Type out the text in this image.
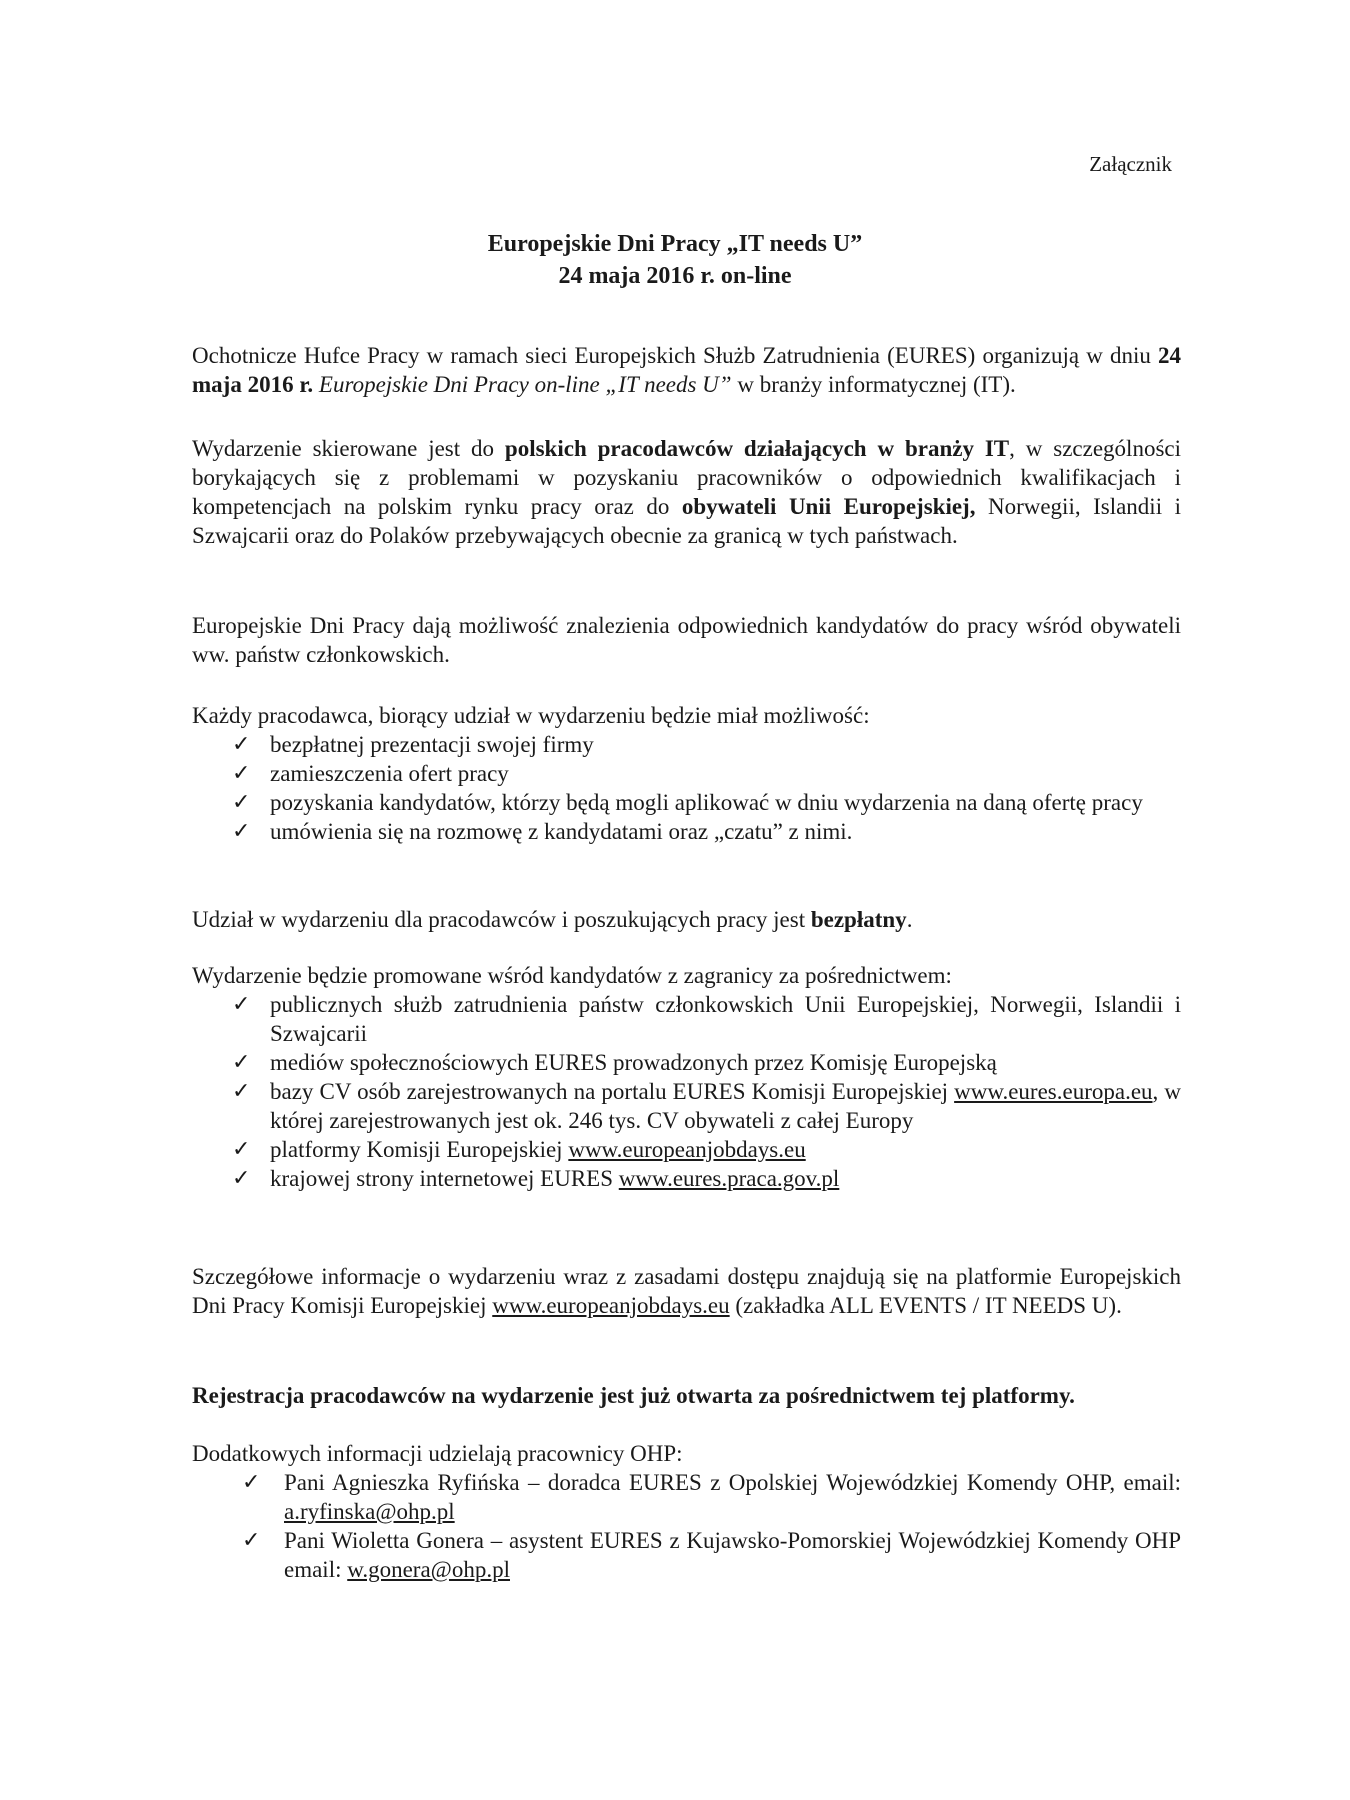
Załącznik
Europejskie Dni Pracy „IT needs U”
24 maja 2016 r. on-line

Ochotnicze Hufce Pracy w ramach sieci Europejskich Służb Zatrudnienia (EURES) organizują w dniu 24 maja 2016 r. Europejskie Dni Pracy on-line „IT needs U” w branży informatycznej (IT).

Wydarzenie skierowane jest do polskich pracodawców działających w branży IT, w szczególności borykających się z problemami w pozyskaniu pracowników o odpowiednich kwalifikacjach i kompetencjach na polskim rynku pracy oraz do obywateli Unii Europejskiej, Norwegii, Islandii i Szwajcarii oraz do Polaków przebywających obecnie za granicą w tych państwach.

Europejskie Dni Pracy dają możliwość znalezienia odpowiednich kandydatów do pracy wśród obywateli ww. państw członkowskich.

Każdy pracodawca, biorący udział w wydarzeniu będzie miał możliwość:

✓ bezpłatnej prezentacji swojej firmy
✓ zamieszczenia ofert pracy
✓ pozyskania kandydatów, którzy będą mogli aplikować w dniu wydarzenia na daną ofertę pracy
✓ umówienia się na rozmowę z kandydatami oraz „czatu” z nimi.

Udział w wydarzeniu dla pracodawców i poszukujących pracy jest bezpłatny.

Wydarzenie będzie promowane wśród kandydatów z zagranicy za pośrednictwem:

✓ publicznych służb zatrudnienia państw członkowskich Unii Europejskiej, Norwegii, Islandii i Szwajcarii
✓ mediów społecznościowych EURES prowadzonych przez Komisję Europejską
✓ bazy CV osób zarejestrowanych na portalu EURES Komisji Europejskiej www.eures.europa.eu, w której zarejestrowanych jest ok. 246 tys. CV obywateli z całej Europy
✓ platformy Komisji Europejskiej www.europeanjobdays.eu
✓ krajowej strony internetowej EURES www.eures.praca.gov.pl

Szczegółowe informacje o wydarzeniu wraz z zasadami dostępu znajdują się na platformie Europejskich Dni Pracy Komisji Europejskiej www.europeanjobdays.eu (zakładka ALL EVENTS / IT NEEDS U).

Rejestracja pracodawców na wydarzenie jest już otwarta za pośrednictwem tej platformy.

Dodatkowych informacji udzielają pracownicy OHP:

✓ Pani Agnieszka Ryfińska – doradca EURES z Opolskiej Wojewódzkiej Komendy OHP, email: a.ryfinska@ohp.pl
✓ Pani Wioletta Gonera – asystent EURES z Kujawsko-Pomorskiej Wojewódzkiej Komendy OHP email: w.gonera@ohp.pl
